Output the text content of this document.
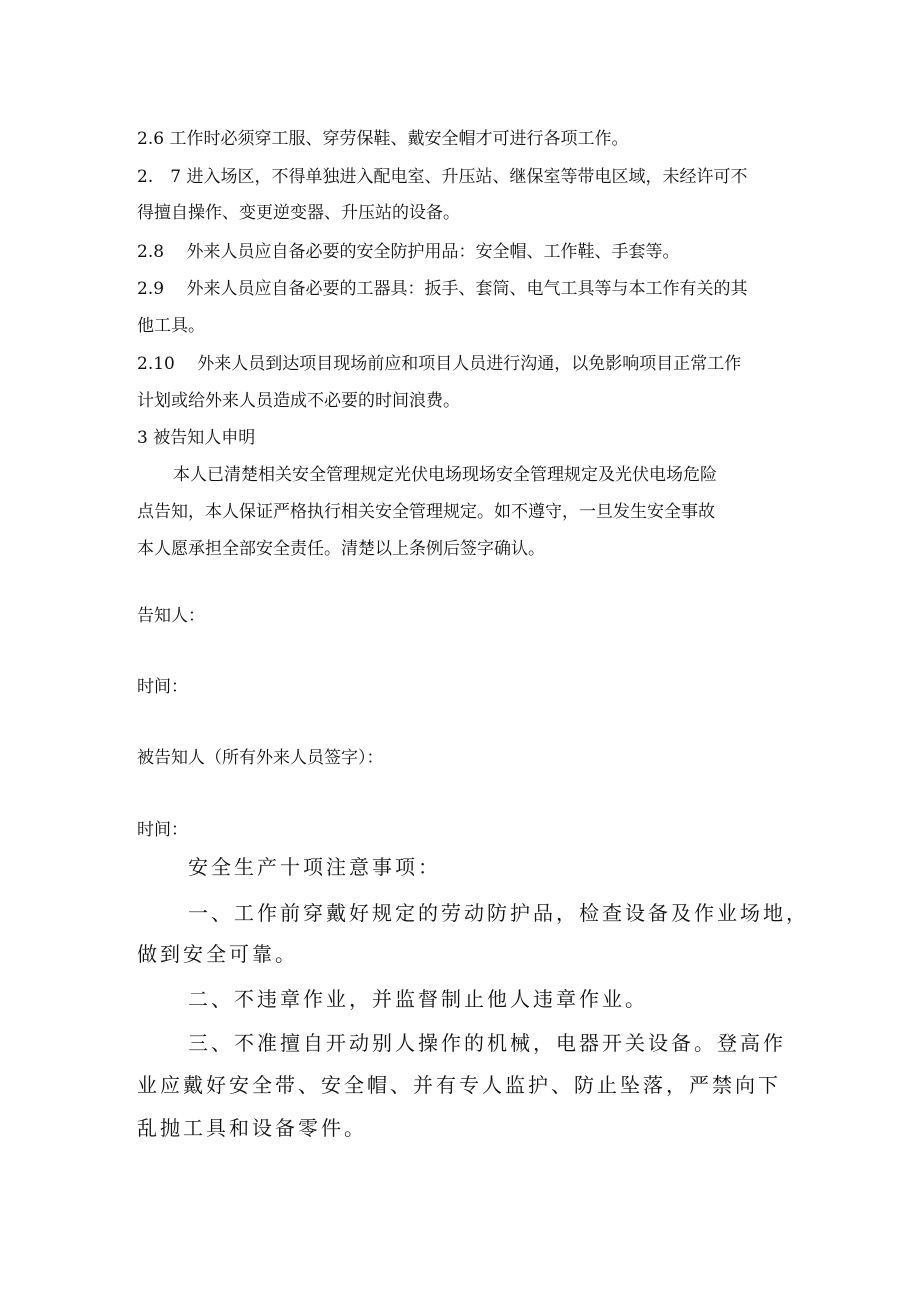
2.6 工作时必须穿工服、穿劳保鞋、戴安全帽才可进行各项工作。
2.　7 进入场区，不得单独进入配电室、升压站、继保室等带电区域，未经许可不
得擅自操作、变更逆变器、升压站的设备。
2.8　 外来人员应自备必要的安全防护用品：安全帽、工作鞋、手套等。
2.9　 外来人员应自备必要的工器具：扳手、套筒、电气工具等与本工作有关的其
他工具。
2.10　 外来人员到达项目现场前应和项目人员进行沟通，以免影响项目正常工作
计划或给外来人员造成不必要的时间浪费。
3 被告知人申明
本人已清楚相关安全管理规定光伏电场现场安全管理规定及光伏电场危险
点告知，本人保证严格执行相关安全管理规定。如不遵守，一旦发生安全事故
本人愿承担全部安全责任。清楚以上条例后签字确认。
告知人：
时间：
被告知人（所有外来人员签字）：
时间：
安全生产十项注意事项：
一、工作前穿戴好规定的劳动防护品，检查设备及作业场地，
做到安全可靠。
二、不违章作业，并监督制止他人违章作业。
三、不准擅自开动别人操作的机械，电器开关设备。登高作
业应戴好安全带、安全帽、并有专人监护、防止坠落，严禁向下
乱抛工具和设备零件。
